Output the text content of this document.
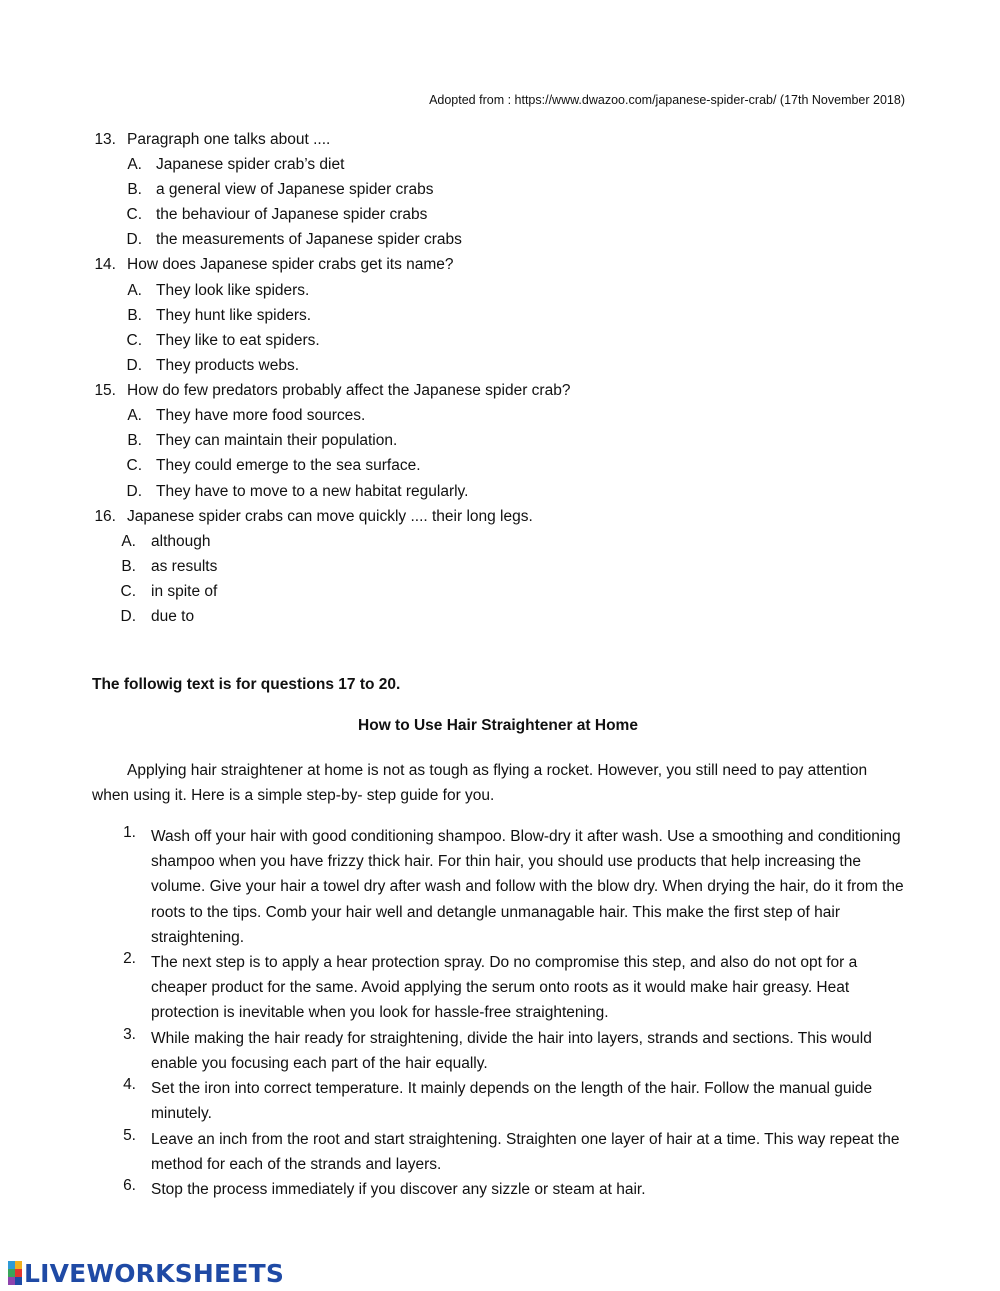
Adopted from : https://www.dwazoo.com/japanese-spider-crab/ (17th November 2018)
13. Paragraph one talks about ....
A. Japanese spider crab’s diet
B. a general view of Japanese spider crabs
C. the behaviour of Japanese spider crabs
D. the measurements of Japanese spider crabs
14. How does Japanese spider crabs get its name?
A. They look like spiders.
B. They hunt like spiders.
C. They like to eat spiders.
D. They products webs.
15. How do few predators probably affect the Japanese spider crab?
A. They have more food sources.
B. They can maintain their population.
C. They could emerge to the sea surface.
D. They have to move to a new habitat regularly.
16. Japanese spider crabs can move quickly .... their long legs.
A. although
B. as results
C. in spite of
D. due to
The followig text is for questions 17 to 20.
How to Use Hair Straightener at Home
Applying hair straightener at home is not as tough as flying a rocket. However, you still need to pay attention when using it. Here is a simple step-by- step guide for you.
1. Wash off your hair with good conditioning shampoo. Blow-dry it after wash. Use a smoothing and conditioning shampoo when you have frizzy thick hair. For thin hair, you should use products that help increasing the volume. Give your hair a towel dry after wash and follow with the blow dry. When drying the hair, do it from the roots to the tips. Comb your hair well and detangle unmanagable hair. This make the first step of hair straightening.
2. The next step is to apply a hear protection spray. Do no compromise this step, and also do not opt for a cheaper product for the same. Avoid applying the serum onto roots as it would make hair greasy. Heat protection is inevitable when you look for hassle-free straightening.
3. While making the hair ready for straightening, divide the hair into layers, strands and sections. This would enable you focusing each part of the hair equally.
4. Set the iron into correct temperature. It mainly depends on the length of the hair. Follow the manual guide minutely.
5. Leave an inch from the root and start straightening. Straighten one layer of hair at a time. This way repeat the method for each of the strands and layers.
6. Stop the process immediately if you discover any sizzle or steam at hair.
LIVEWORKSHEETS
